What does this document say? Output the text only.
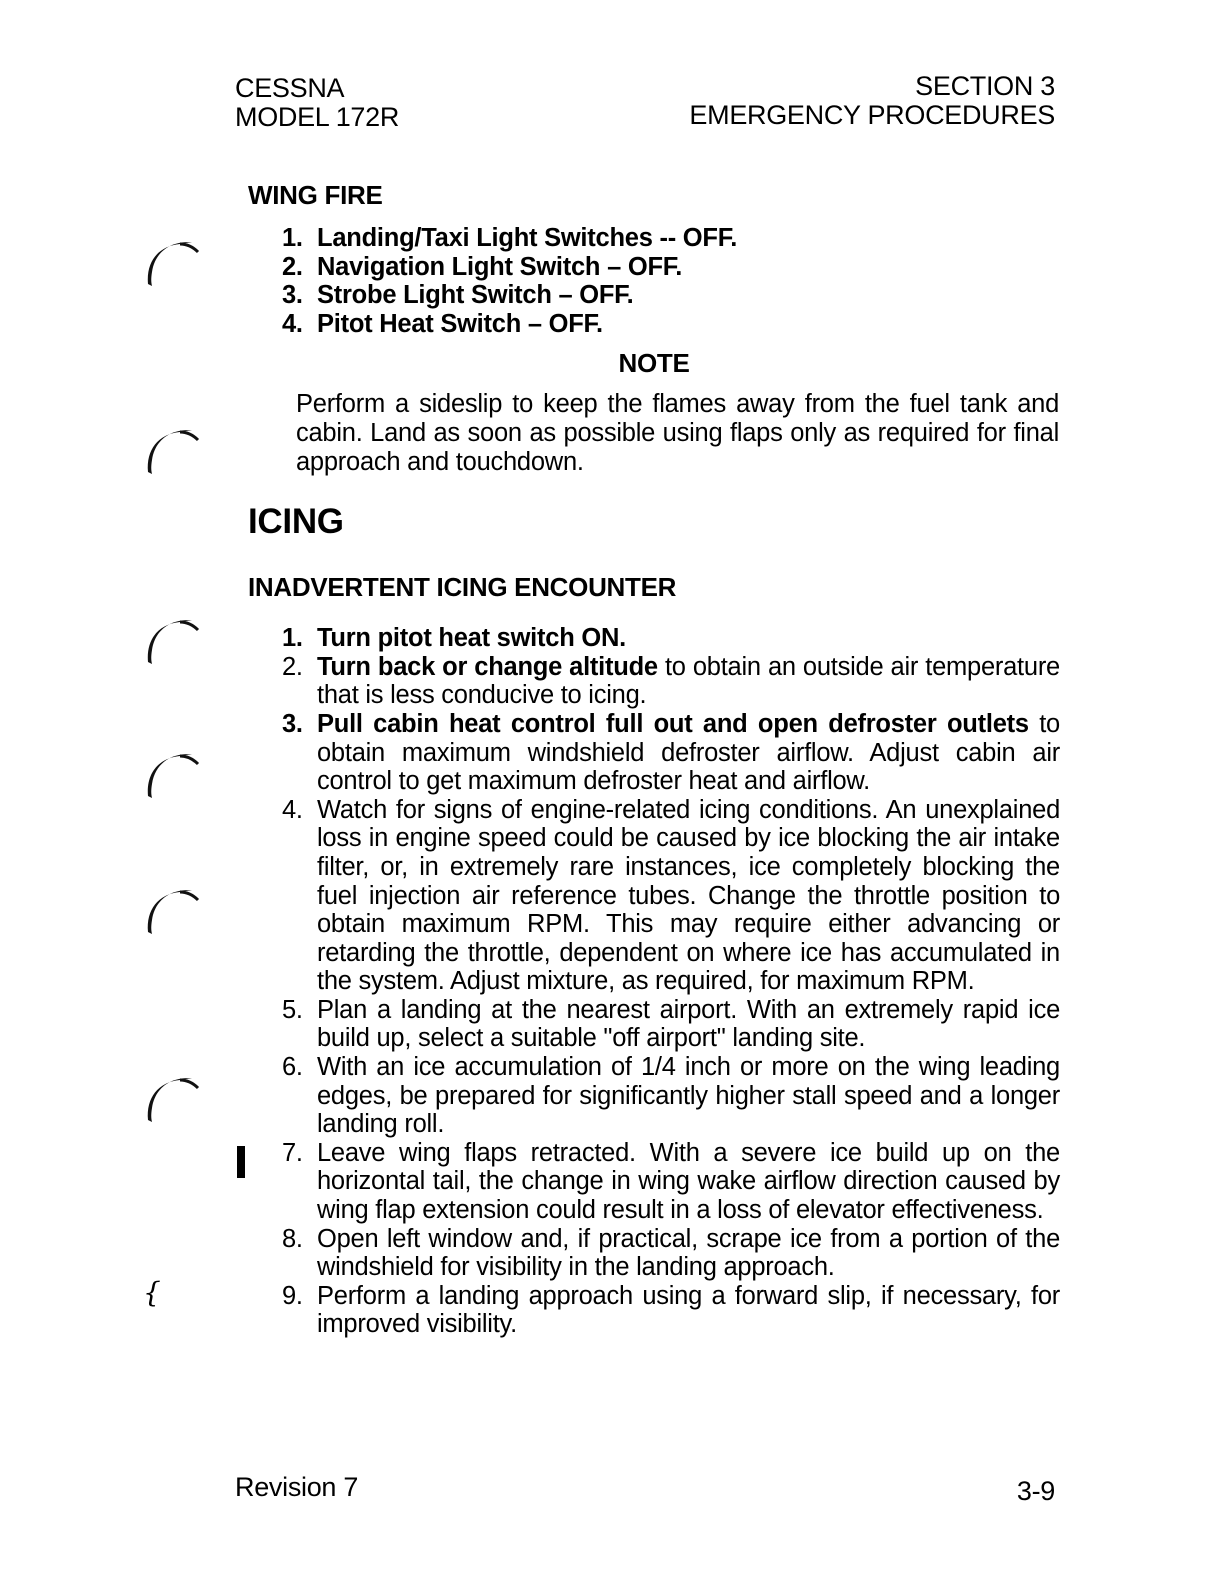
CESSNA
MODEL 172R
SECTION 3
EMERGENCY PROCEDURES
{
WING FIRE
1. Landing/Taxi Light Switches -- OFF.
2. Navigation Light Switch – OFF.
3. Strobe Light Switch – OFF.
4. Pitot Heat Switch – OFF.

NOTE

Perform a sideslip to keep the flames away from the fuel tank and cabin. Land as soon as possible using flaps only as required for final approach and touchdown.

ICING
INADVERTENT ICING ENCOUNTER
1. Turn pitot heat switch ON.
2. Turn back or change altitude to obtain an outside air temperature that is less conducive to icing.
3. Pull cabin heat control full out and open defroster outlets to obtain maximum windshield defroster airflow. Adjust cabin air control to get maximum defroster heat and airflow.
4. Watch for signs of engine-related icing conditions. An unexplained loss in engine speed could be caused by ice blocking the air intake filter, or, in extremely rare instances, ice completely blocking the fuel injection air reference tubes. Change the throttle position to obtain maximum RPM. This may require either advancing or retarding the throttle, dependent on where ice has accumulated in the system. Adjust mixture, as required, for maximum RPM.
5. Plan a landing at the nearest airport. With an extremely rapid ice build up, select a suitable "off airport" landing site.
6. With an ice accumulation of 1/4 inch or more on the wing leading edges, be prepared for significantly higher stall speed and a longer landing roll.
7. Leave wing flaps retracted. With a severe ice build up on the horizontal tail, the change in wing wake airflow direction caused by wing flap extension could result in a loss of elevator effectiveness.
8. Open left window and, if practical, scrape ice from a portion of the windshield for visibility in the landing approach.
9. Perform a landing approach using a forward slip, if necessary, for improved visibility.
Revision 7	3-9
